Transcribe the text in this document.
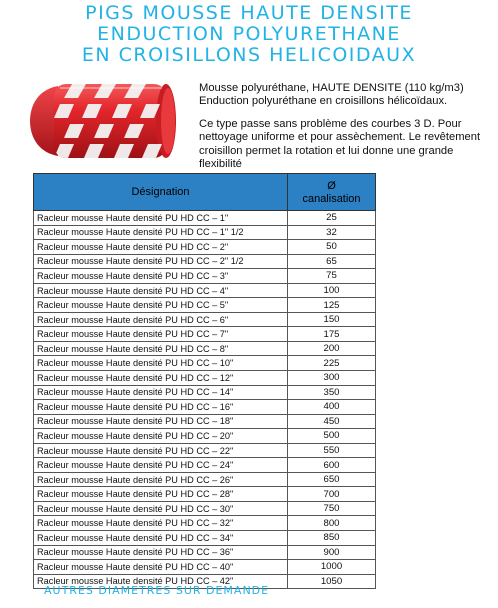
PIGS MOUSSE HAUTE DENSITE
ENDUCTION POLYURETHANE
EN CROISILLONS HELICOIDAUX
Mousse polyuréthane, HAUTE DENSITE (110 kg/m3)
Enduction polyuréthane en croisillons hélicoïdaux.
Ce type passe sans problème des courbes 3 D. Pour nettoyage uniforme et pour assèchement. Le revêtement croisillon permet la rotation et lui donne une grande flexibilité
Désignation	Ø
canalisation

Racleur mousse Haute densité PU HD CC – 1"	25
Racleur mousse Haute densité PU HD CC – 1" 1/2	32
Racleur mousse Haute densité PU HD CC – 2"	50
Racleur mousse Haute densité PU HD CC – 2" 1/2	65
Racleur mousse Haute densité PU HD CC – 3"	75
Racleur mousse Haute densité PU HD CC – 4"	100
Racleur mousse Haute densité PU HD CC – 5"	125
Racleur mousse Haute densité PU HD CC – 6"	150
Racleur mousse Haute densité PU HD CC – 7"	175
Racleur mousse Haute densité PU HD CC – 8"	200
Racleur mousse Haute densité PU HD CC – 10"	225
Racleur mousse Haute densité PU HD CC – 12"	300
Racleur mousse Haute densité PU HD CC – 14"	350
Racleur mousse Haute densité PU HD CC – 16"	400
Racleur mousse Haute densité PU HD CC – 18"	450
Racleur mousse Haute densité PU HD CC – 20"	500
Racleur mousse Haute densité PU HD CC – 22"	550
Racleur mousse Haute densité PU HD CC – 24"	600
Racleur mousse Haute densité PU HD CC – 26"	650
Racleur mousse Haute densité PU HD CC – 28"	700
Racleur mousse Haute densité PU HD CC – 30"	750
Racleur mousse Haute densité PU HD CC – 32"	800
Racleur mousse Haute densité PU HD CC – 34"	850
Racleur mousse Haute densité PU HD CC – 36"	900
Racleur mousse Haute densité PU HD CC – 40"	1000
Racleur mousse Haute densité PU HD CC – 42"	1050
AUTRES DIAMETRES SUR DEMANDE
